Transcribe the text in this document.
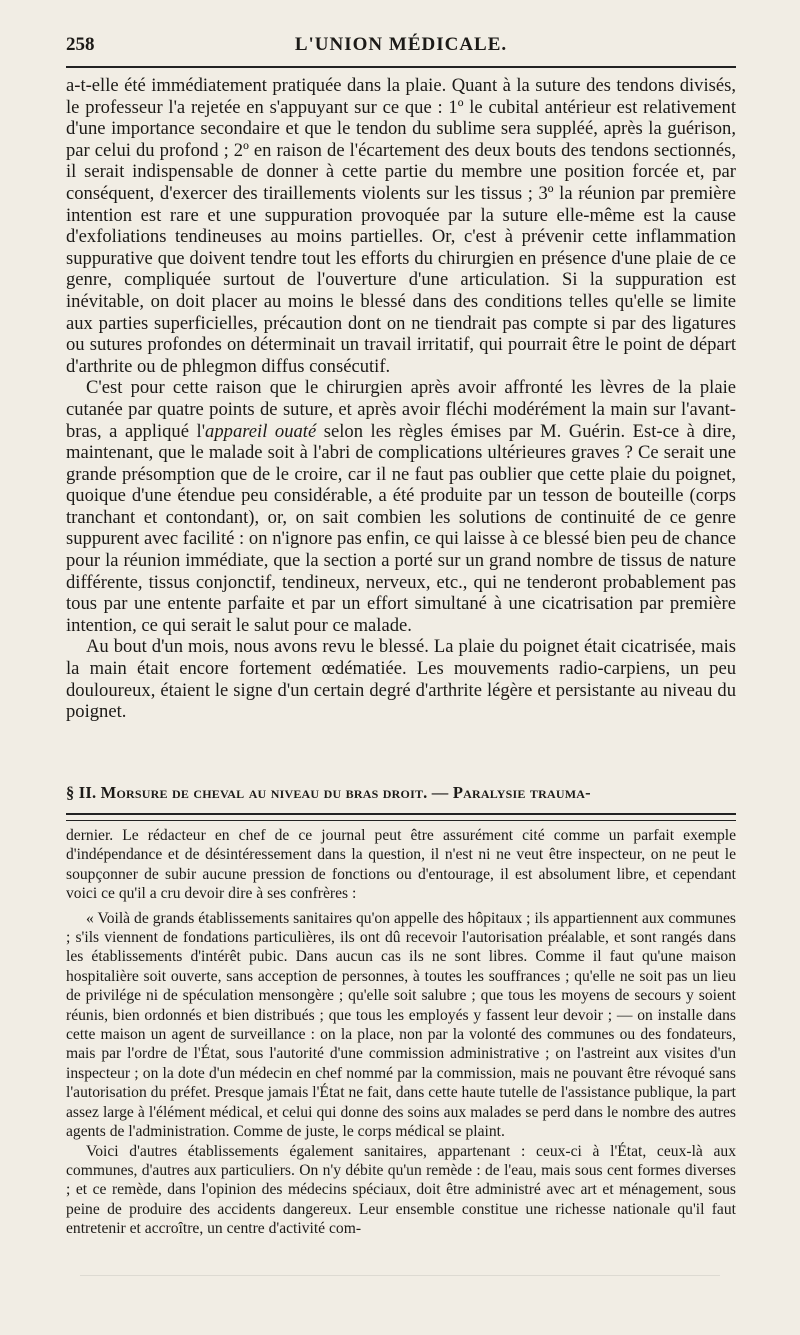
258	L'UNION MÉDICALE.

a-t-elle été immédiatement pratiquée dans la plaie. Quant à la suture des tendons divisés, le professeur l'a rejetée en s'appuyant sur ce que : 1º le cubital antérieur est relativement d'une importance secondaire et que le tendon du sublime sera suppléé, après la guérison, par celui du profond ; 2º en raison de l'écartement des deux bouts des tendons sectionnés, il serait indispensable de donner à cette partie du membre une position forcée et, par conséquent, d'exercer des tiraillements violents sur les tissus ; 3º la réunion par première intention est rare et une suppuration provoquée par la suture elle-même est la cause d'exfoliations tendineuses au moins partielles. Or, c'est à prévenir cette inflammation suppurative que doivent tendre tout les efforts du chirurgien en présence d'une plaie de ce genre, compliquée surtout de l'ouverture d'une articulation. Si la suppuration est inévitable, on doit placer au moins le blessé dans des conditions telles qu'elle se limite aux parties superficielles, précaution dont on ne tiendrait pas compte si par des ligatures ou sutures profondes on déterminait un travail irritatif, qui pourrait être le point de départ d'arthrite ou de phlegmon diffus consécutif.

C'est pour cette raison que le chirurgien après avoir affronté les lèvres de la plaie cutanée par quatre points de suture, et après avoir fléchi modérément la main sur l'avant-bras, a appliqué l'appareil ouaté selon les règles émises par M. Guérin. Est-ce à dire, maintenant, que le malade soit à l'abri de complications ultérieures graves ? Ce serait une grande présomption que de le croire, car il ne faut pas oublier que cette plaie du poignet, quoique d'une étendue peu considérable, a été produite par un tesson de bouteille (corps tranchant et contondant), or, on sait combien les solutions de continuité de ce genre suppurent avec facilité : on n'ignore pas enfin, ce qui laisse à ce blessé bien peu de chance pour la réunion immédiate, que la section a porté sur un grand nombre de tissus de nature différente, tissus conjonctif, tendineux, nerveux, etc., qui ne tenderont probablement pas tous par une entente parfaite et par un effort simultané à une cicatrisation par première intention, ce qui serait le salut pour ce malade.

Au bout d'un mois, nous avons revu le blessé. La plaie du poignet était cicatrisée, mais la main était encore fortement œdématiée. Les mouvements radio-carpiens, un peu douloureux, étaient le signe d'un certain degré d'arthrite légère et persistante au niveau du poignet.

§ II. Morsure de cheval au niveau du bras droit. — Paralysie trauma-

dernier. Le rédacteur en chef de ce journal peut être assurément cité comme un parfait exemple d'indépendance et de désintéressement dans la question, il n'est ni ne veut être inspecteur, on ne peut le soupçonner de subir aucune pression de fonctions ou d'entourage, il est absolument libre, et cependant voici ce qu'il a cru devoir dire à ses confrères :

« Voilà de grands établissements sanitaires qu'on appelle des hôpitaux ; ils appartiennent aux communes ; s'ils viennent de fondations particulières, ils ont dû recevoir l'autorisation préalable, et sont rangés dans les établissements d'intérêt pubic. Dans aucun cas ils ne sont libres. Comme il faut qu'une maison hospitalière soit ouverte, sans acception de personnes, à toutes les souffrances ; qu'elle ne soit pas un lieu de privilége ni de spéculation mensongère ; qu'elle soit salubre ; que tous les moyens de secours y soient réunis, bien ordonnés et bien distribués ; que tous les employés y fassent leur devoir ; — on installe dans cette maison un agent de surveillance : on la place, non par la volonté des communes ou des fondateurs, mais par l'ordre de l'État, sous l'autorité d'une commission administrative ; on l'astreint aux visites d'un inspecteur ; on la dote d'un médecin en chef nommé par la commission, mais ne pouvant être révoqué sans l'autorisation du préfet. Presque jamais l'État ne fait, dans cette haute tutelle de l'assistance publique, la part assez large à l'élément médical, et celui qui donne des soins aux malades se perd dans le nombre des autres agents de l'administration. Comme de juste, le corps médical se plaint.

Voici d'autres établissements également sanitaires, appartenant : ceux-ci à l'État, ceux-là aux communes, d'autres aux particuliers. On n'y débite qu'un remède : de l'eau, mais sous cent formes diverses ; et ce remède, dans l'opinion des médecins spéciaux, doit être administré avec art et ménagement, sous peine de produire des accidents dangereux. Leur ensemble constitue une richesse nationale qu'il faut entretenir et accroître, un centre d'activité com-
